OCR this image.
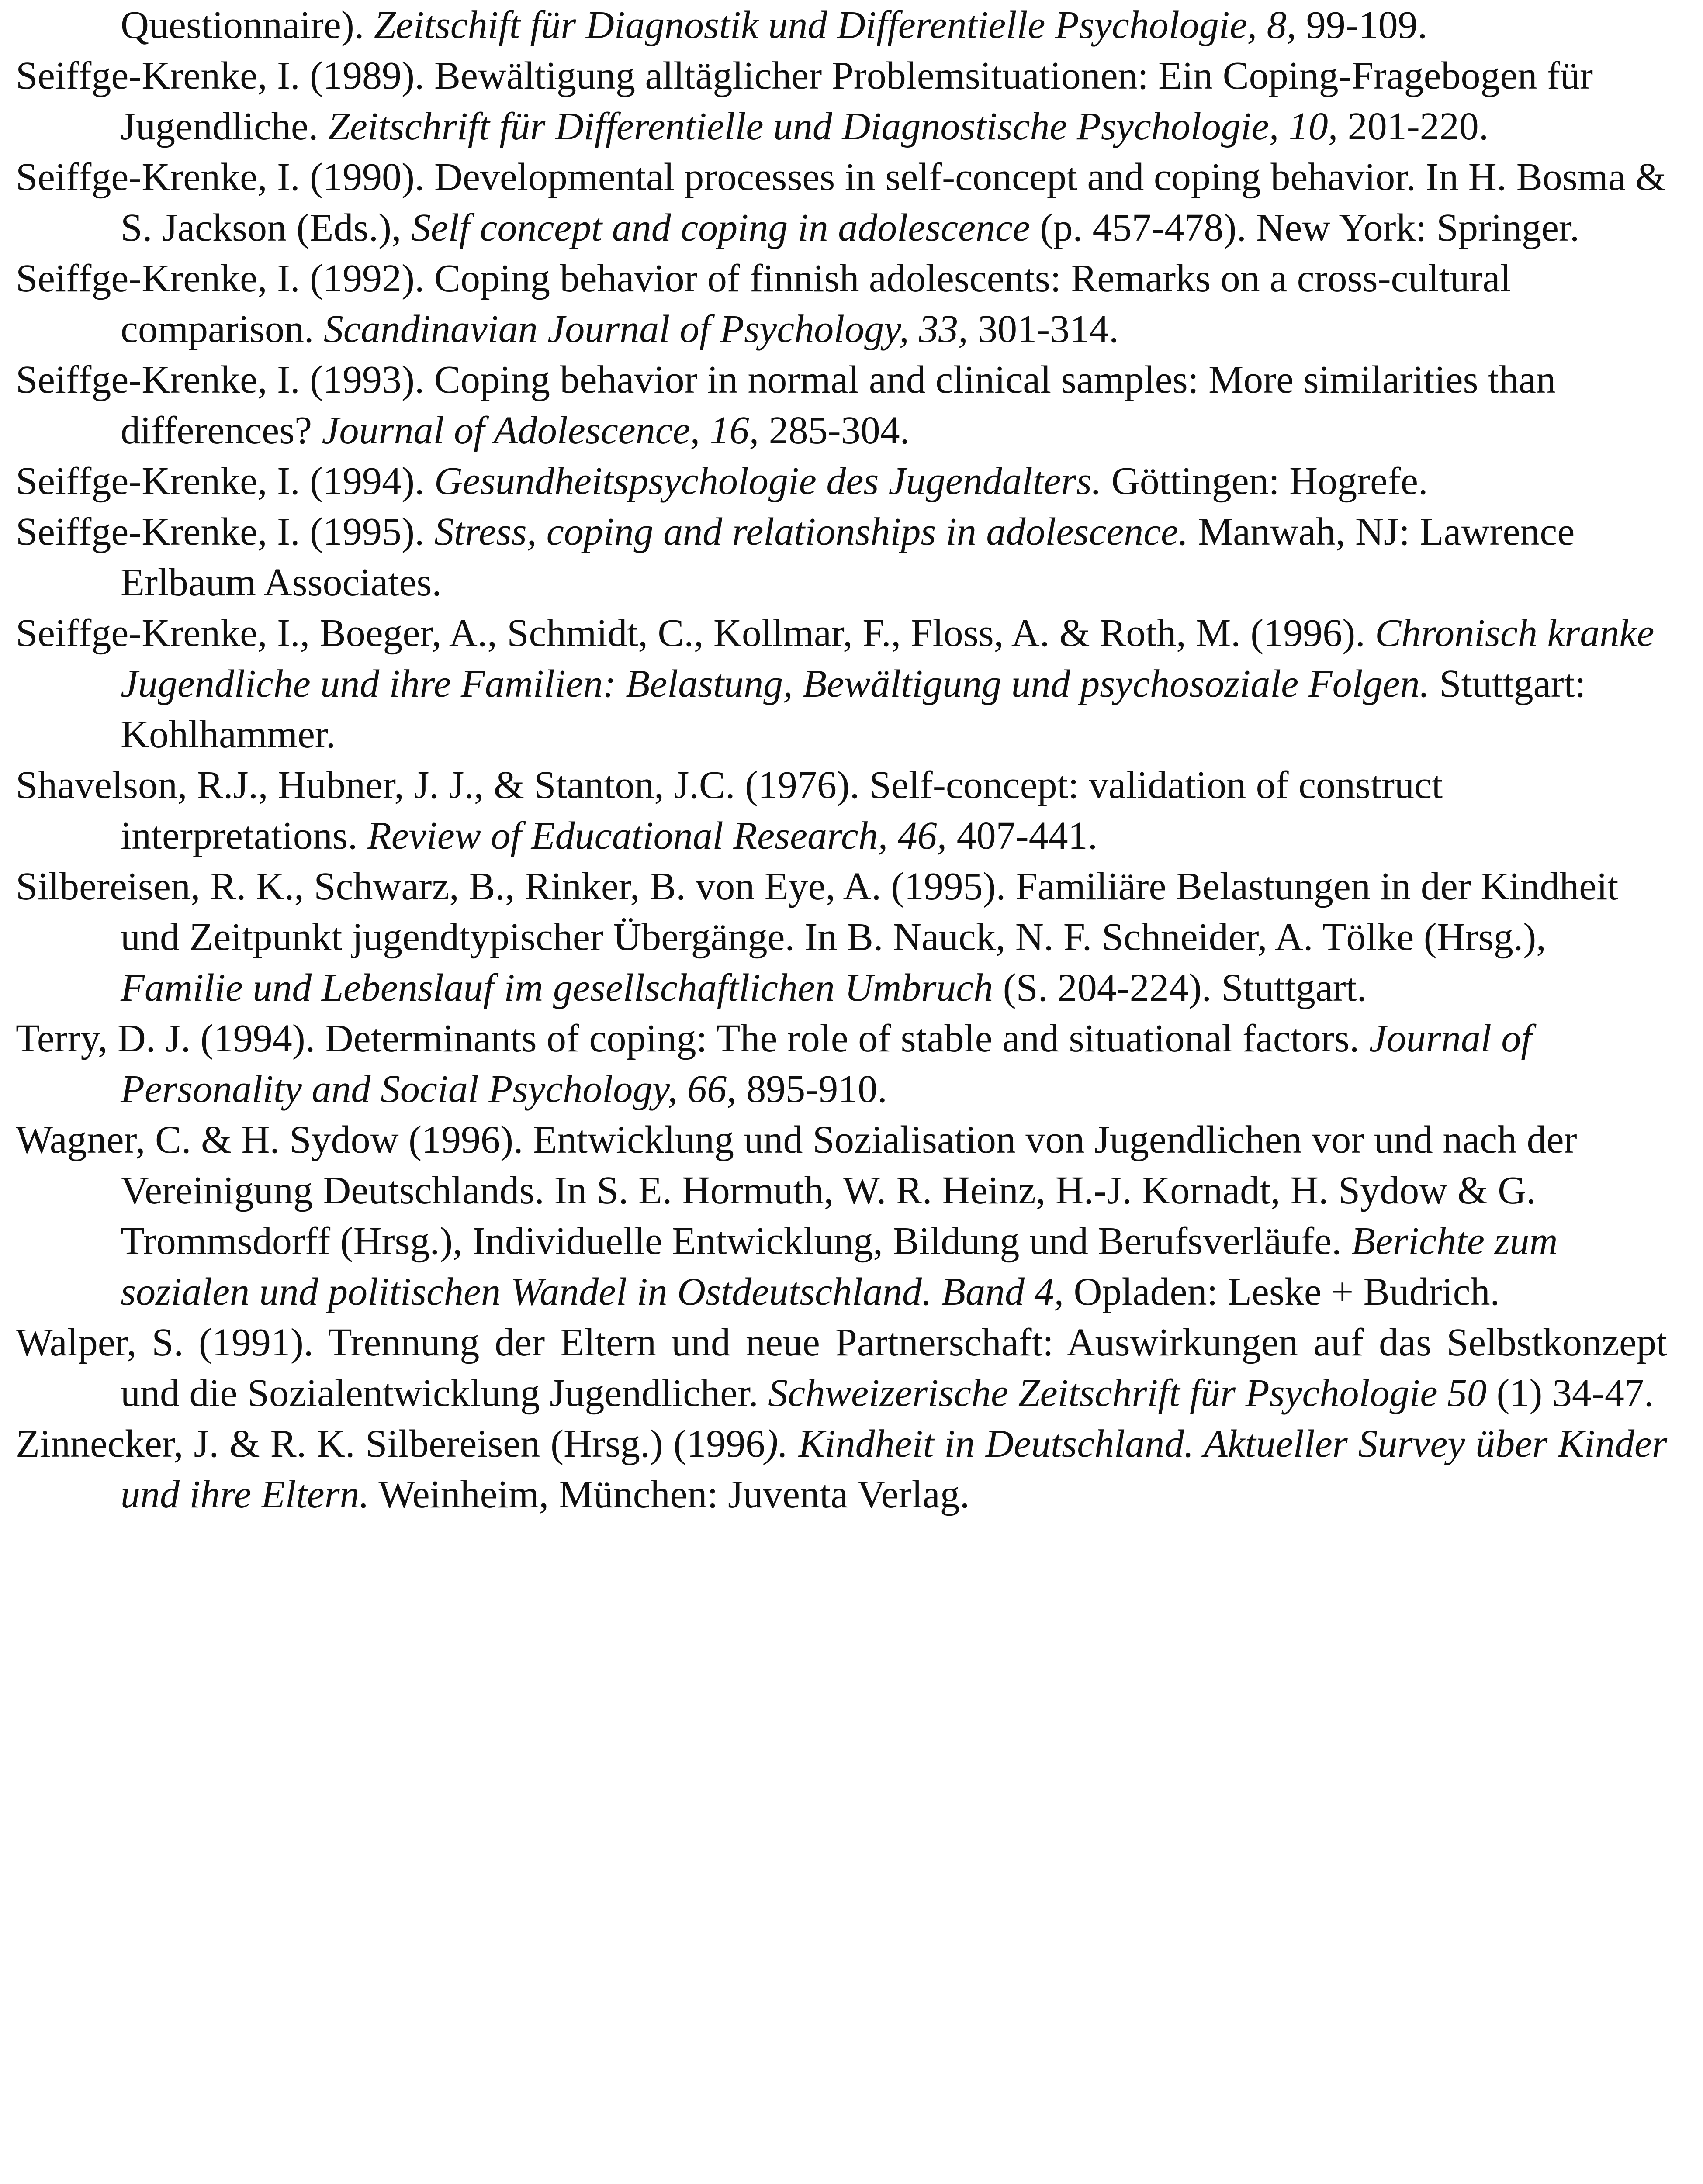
Questionnaire). Zeitschift für Diagnostik und Differentielle Psychologie, 8, 99-109.

Seiffge-Krenke, I. (1989). Bewältigung alltäglicher Problemsituationen: Ein Coping-Fragebogen für Jugendliche. Zeitschrift für Differentielle und Diagnostische Psychologie, 10, 201-220.

Seiffge-Krenke, I. (1990). Developmental processes in self-concept and coping behavior. In H. Bosma & S. Jackson (Eds.), Self concept and coping in adolescence (p. 457-478). New York: Springer.

Seiffge-Krenke, I. (1992). Coping behavior of finnish adolescents: Remarks on a cross-cultural comparison. Scandinavian Journal of Psychology, 33, 301-314.

Seiffge-Krenke, I. (1993). Coping behavior in normal and clinical samples: More similarities than differences? Journal of Adolescence, 16, 285-304.

Seiffge-Krenke, I. (1994). Gesundheitspsychologie des Jugendalters. Göttingen: Hogrefe.

Seiffge-Krenke, I. (1995). Stress, coping and relationships in adolescence. Manwah, NJ: Lawrence Erlbaum Associates.

Seiffge-Krenke, I., Boeger, A., Schmidt, C., Kollmar, F., Floss, A. & Roth, M. (1996). Chronisch kranke Jugendliche und ihre Familien: Belastung, Bewältigung und psychosoziale Folgen. Stuttgart: Kohlhammer.

Shavelson, R.J., Hubner, J. J., & Stanton, J.C. (1976). Self-concept: validation of construct interpretations. Review of Educational Research, 46, 407-441.

Silbereisen, R. K., Schwarz, B., Rinker, B. von Eye, A. (1995). Familiäre Belastungen in der Kindheit und Zeitpunkt jugendtypischer Übergänge. In B. Nauck, N. F. Schneider, A. Tölke (Hrsg.), Familie und Lebenslauf im gesellschaftlichen Umbruch (S. 204-224). Stuttgart.

Terry, D. J. (1994). Determinants of coping: The role of stable and situational factors. Journal of Personality and Social Psychology, 66, 895-910.

Wagner, C. & H. Sydow (1996). Entwicklung und Sozialisation von Jugendlichen vor und nach der Vereinigung Deutschlands. In S. E. Hormuth, W. R. Heinz, H.-J. Kornadt, H. Sydow & G. Trommsdorff (Hrsg.), Individuelle Entwicklung, Bildung und Berufsverläufe. Berichte zum sozialen und politischen Wandel in Ostdeutschland. Band 4, Opladen: Leske + Budrich.

Walper, S. (1991). Trennung der Eltern und neue Partnerschaft: Auswirkungen auf das Selbstkonzept und die Sozialentwicklung Jugendlicher. Schweizerische Zeitschrift für Psychologie 50 (1) 34-47.

Zinnecker, J. & R. K. Silbereisen (Hrsg.) (1996). Kindheit in Deutschland. Aktueller Survey über Kinder und ihre Eltern. Weinheim, München: Juventa Verlag.
